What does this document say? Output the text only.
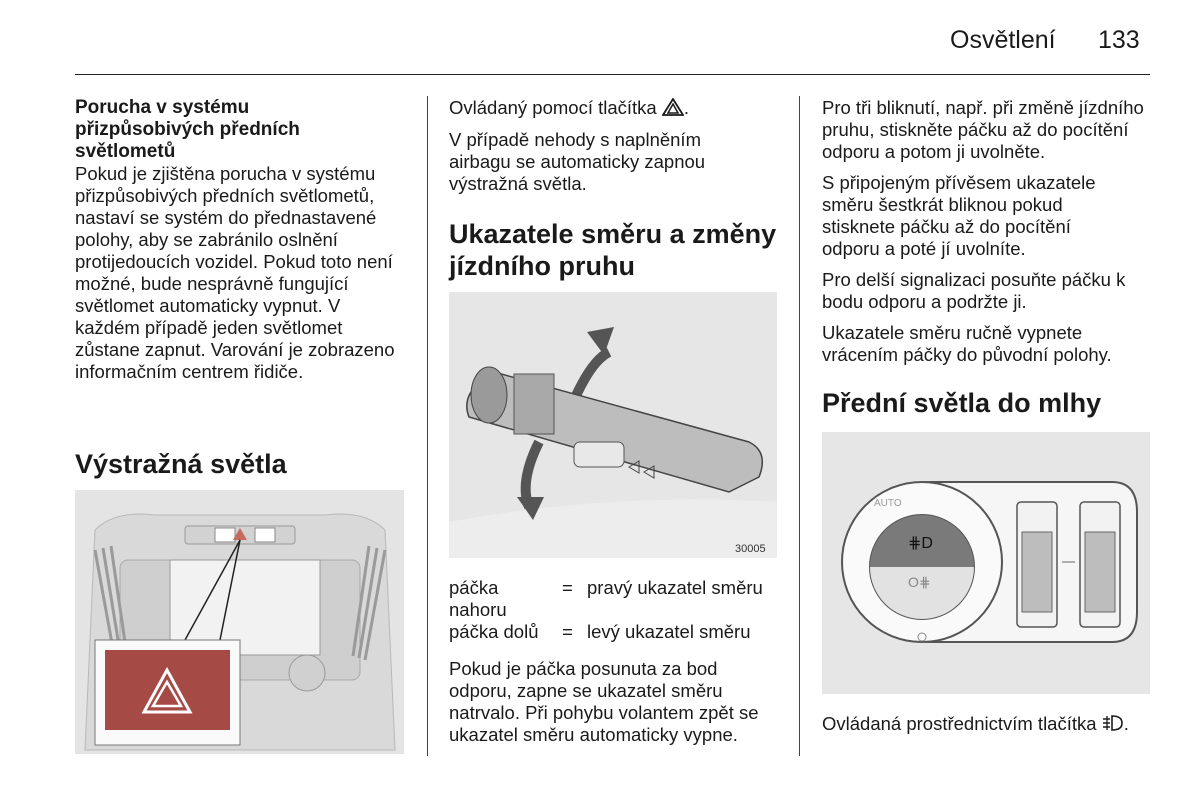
Osvětlení 133
Porucha v systému přizpůsobivých předních světlometů

Pokud je zjištěna porucha v systému přizpůsobivých předních světlometů, nastaví se systém do přednastavené polohy, aby se zabránilo oslnění protijedoucích vozidel. Pokud toto není možné, bude nesprávně fungující světlomet automaticky vypnut. V každém případě jeden světlomet zůstane zapnut. Varování je zobrazeno informačním centrem řidiče.

Výstražná světla

Ovládaný pomocí tlačítka .

V případě nehody s naplněním airbagu se automaticky zapnou výstražná světla.

Ukazatele směru a změny jízdního pruhu
30005
páčka	= pravý ukazatel směru
nahoru
páčka dolů = levý ukazatel směru

Pokud je páčka posunuta za bod odporu, zapne se ukazatel směru natrvalo. Při pohybu volantem zpět se ukazatel směru automaticky vypne.

Pro tři bliknutí, např. při změně jízdního pruhu, stiskněte páčku až do pocítění odporu a potom ji uvolněte.

S připojeným přívěsem ukazatele směru šestkrát bliknou pokud stisknete páčku až do pocítění odporu a poté jí uvolníte.

Pro delší signalizaci posuňte páčku k bodu odporu a podržte ji.

Ukazatele směru ručně vypnete vrácením páčky do původní polohy.

Přední světla do mlhy
⋕D
O⋕
AUTO

Ovládaná prostřednictvím tlačítka .
